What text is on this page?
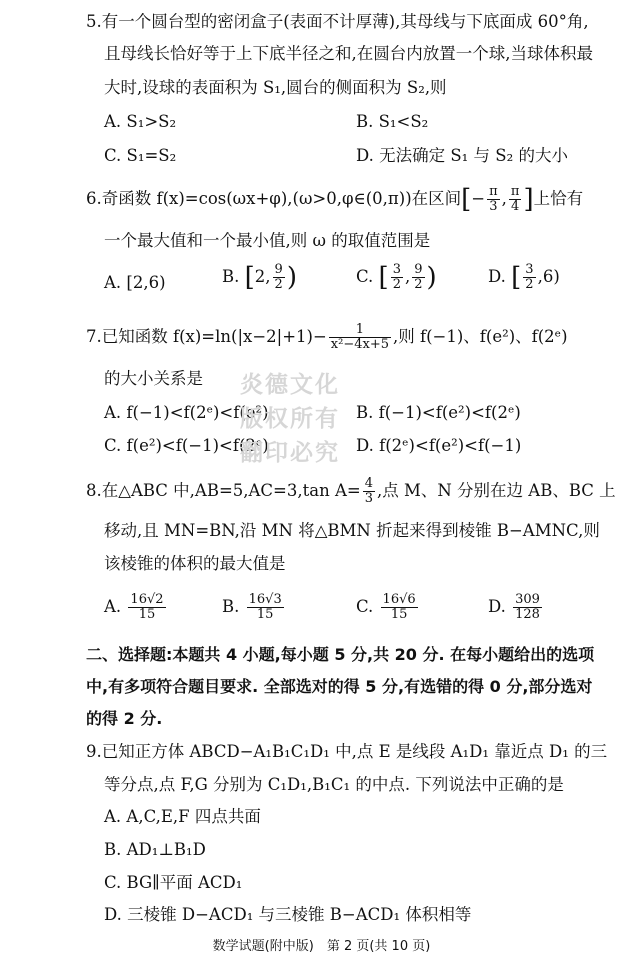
5.有一个圆台型的密闭盒子(表面不计厚薄),其母线与下底面成 60°角,
且母线长恰好等于上下底半径之和,在圆台内放置一个球,当球体积最
大时,设球的表面积为 S₁,圆台的侧面积为 S₂,则
A. S₁>S₂	B. S₁<S₂
C. S₁=S₂	D. 无法确定 S₁ 与 S₂ 的大小
6.奇函数 f(x)=cos(ωx+φ),(ω>0,φ∈(0,π))在区间[− $\frac{\pi}{3}$ , $\frac{\pi}{4}$ ]上恰有
一个最大值和一个最小值,则 ω 的取值范围是
A. [2,6)	B. [2, $\frac{9}{2}$ )	C. [ $\frac{3}{2}$ , $\frac{9}{2}$ )	D. [ $\frac{3}{2} ,6$)
7.已知函数 $f(x)=\ln(|x-2|+1)- \frac{1}{\text{x²−4x+5}}$ ,则 f(−1)、f(e²)、f(2ᵉ)
的大小关系是
A. f(−1)<f(2ᵉ)<f(e²)	B. f(−1)<f(e²)<f(2ᵉ)
C. f(e²)<f(−1)<f(2ᵉ)	D. f(2ᵉ)<f(e²)<f(−1)
炎德文化
版权所有
翻印必究
8.在△ABC 中,AB=5,AC=3,tan $A= \frac{4}{3}$ ,点 M、N 分别在边 AB、BC 上
移动,且 MN=BN,沿 MN 将△BMN 折起来得到棱锥 B−AMNC,则
该棱锥的体积的最大值是
A. $\frac{16√2}{15}$	B. $\frac{16√3}{15}$	C. $\frac{16√6}{15}$	D. $\frac{309}{128}$
二、选择题:本题共 4 小题,每小题 5 分,共 20 分. 在每小题给出的选项
中,有多项符合题目要求. 全部选对的得 5 分,有选错的得 0 分,部分选对
的得 2 分.
9.已知正方体 ABCD−A₁B₁C₁D₁ 中,点 E 是线段 A₁D₁ 靠近点 D₁ 的三
等分点,点 F,G 分别为 C₁D₁,B₁C₁ 的中点. 下列说法中正确的是
A. A,C,E,F 四点共面
B. AD₁⊥B₁D
C. BG∥平面 ACD₁
D. 三棱锥 D−ACD₁ 与三棱锥 B−ACD₁ 体积相等
数学试题(附中版)　第 2 页(共 10 页)
